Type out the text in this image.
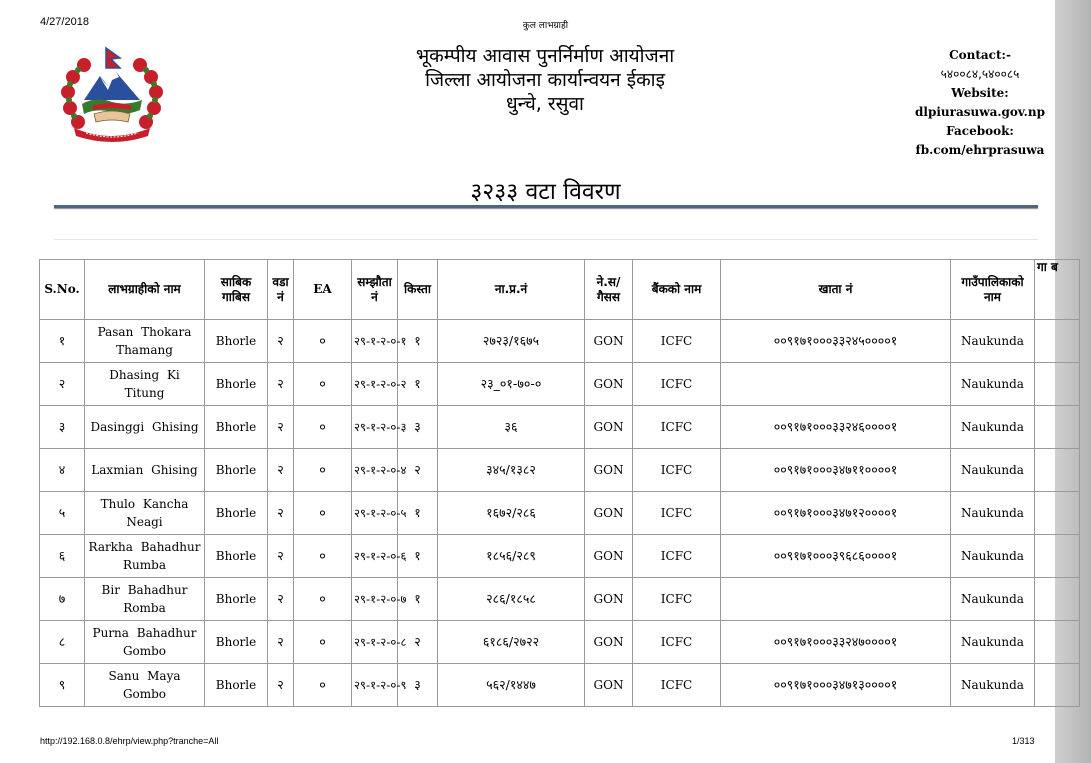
4/27/2018	कुल लाभग्राही
भूकम्पीय आवास पुनर्निर्माण आयोजना
जिल्ला आयोजना कार्यान्वयन ईकाइ
धुन्चे, रसुवा
Contact:-
५४००८४,५४००८५
Website:
dlpiurasuwa.gov.np
Facebook:
fb.com/ehrprasuwa
३२३३ वटा विवरण
S.No.	लाभग्राहीको नाम	साबिक गाबिस	वडा नं	EA	सम्झौता नं	किस्ता	ना.प्र.नं	ने.स/ गैसस	बैंकको नाम	खाता नं	गाउँपालिकाको नाम	गा ब
१	Pasan Thokara Thamang	Bhorle	२	०	२९-१-२-०-१	१	२७२३/१६७५	GON	ICFC	००९१७१०००३३२४५००००१	Naukunda	
२	Dhasing Ki Titung	Bhorle	२	०	२९-१-२-०-२	१	२३_०१-७०-०	GON	ICFC		Naukunda	
३	Dasinggi Ghising	Bhorle	२	०	२९-१-२-०-३	३	३६	GON	ICFC	००९१७१०००३३२४६००००१	Naukunda	
४	Laxmian Ghising	Bhorle	२	०	२९-१-२-०-४	२	३४५/१३८२	GON	ICFC	००९१७१०००३४७११००००१	Naukunda	
५	Thulo Kancha Neagi	Bhorle	२	०	२९-१-२-०-५	१	१६७२/२८६	GON	ICFC	००९१७१०००३४७१२००००१	Naukunda	
६	Rarkha Bahadhur Rumba	Bhorle	२	०	२९-१-२-०-६	१	१८५६/२८९	GON	ICFC	००९१७१०००३९६८६००००१	Naukunda	
७	Bir Bahadhur Romba	Bhorle	२	०	२९-१-२-०-७	१	२८६/१८५८	GON	ICFC		Naukunda	
८	Purna Bahadhur Gombo	Bhorle	२	०	२९-१-२-०-८	२	६१८६/२७२२	GON	ICFC	००९१७१०००३३२४७००००१	Naukunda	
९	Sanu Maya Gombo	Bhorle	२	०	२९-१-२-०-९	३	५६२/१४४७	GON	ICFC	००९१७१०००३४७१३००००१	Naukunda	
http://192.168.0.8/ehrp/view.php?tranche=All	1/313
